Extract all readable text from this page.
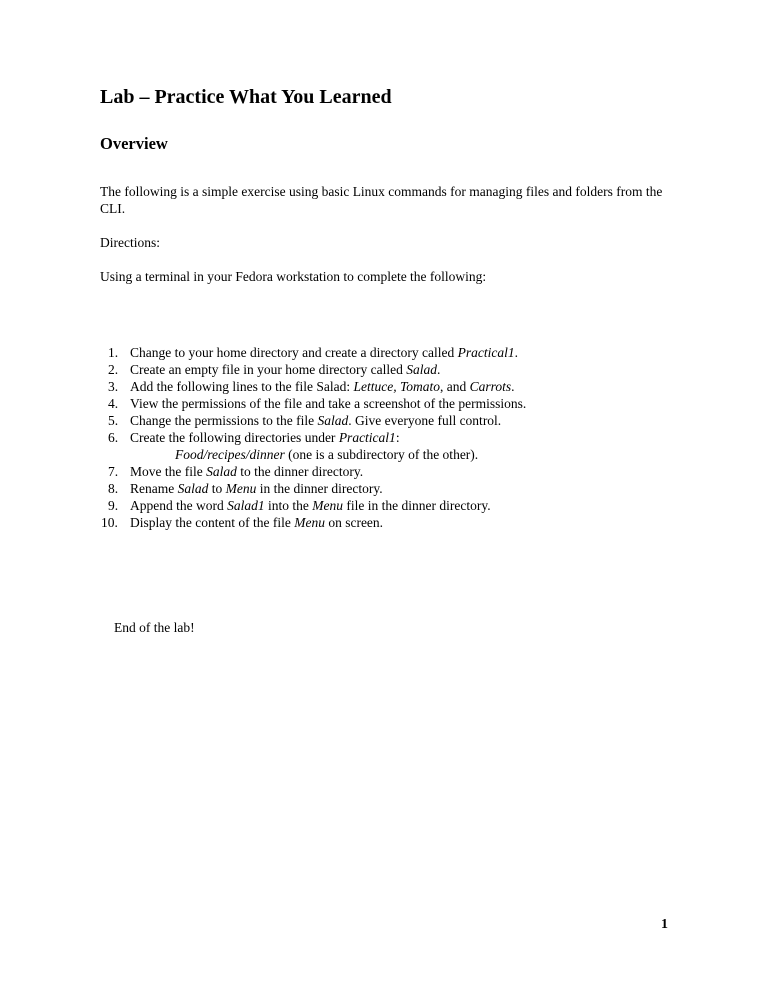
Lab – Practice What You Learned
Overview
The following is a simple exercise using basic Linux commands for managing files and folders from the CLI.
Directions:
Using a terminal in your Fedora workstation to complete the following:
1. Change to your home directory and create a directory called Practical1.
2. Create an empty file in your home directory called Salad.
3. Add the following lines to the file Salad: Lettuce, Tomato, and Carrots.
4. View the permissions of the file and take a screenshot of the permissions.
5. Change the permissions to the file Salad. Give everyone full control.
6. Create the following directories under Practical1:
Food/recipes/dinner (one is a subdirectory of the other).
7. Move the file Salad to the dinner directory.
8. Rename Salad to Menu in the dinner directory.
9. Append the word Salad1 into the Menu file in the dinner directory.
10. Display the content of the file Menu on screen.
End of the lab!
1
